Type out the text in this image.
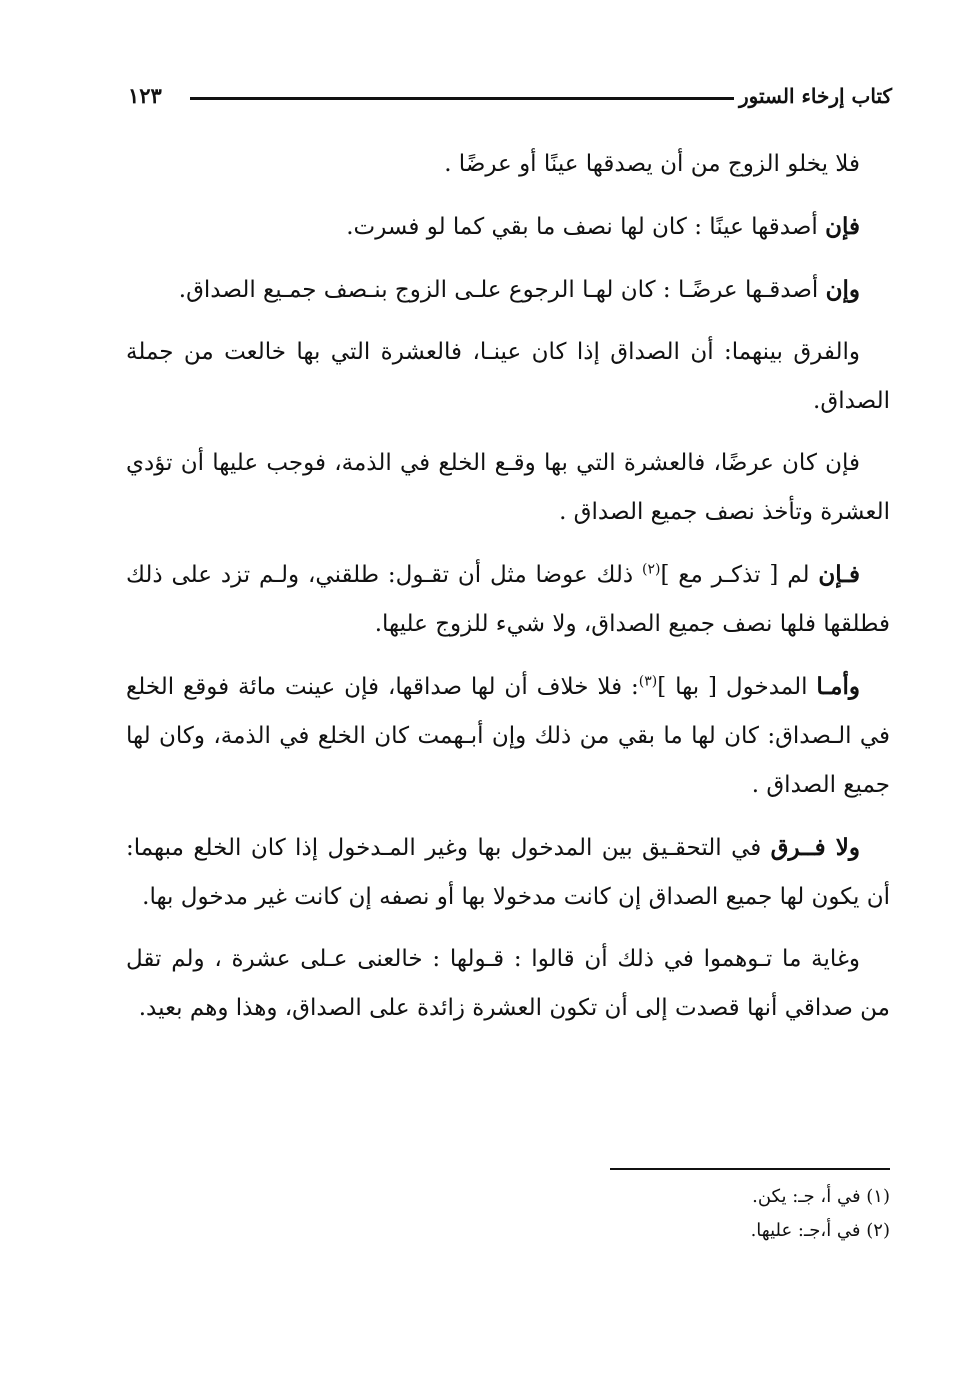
كتاب إرخاء الستور
١٢٣

فلا يخلو الزوج من أن يصدقها عينًا أو عرضًا .

فإن أصدقها عينًا : كان لها نصف ما بقي كما لو فسرت.

وإن أصدقـها عرضًـا : كان لهـا الرجوع علـى الزوج بنـصف جمـيع الصداق.

والفرق بينهما: أن الصداق إذا كان عينـا، فالعشرة التي بها خالعت من جملة الصداق.

فإن كان عرضًا، فالعشرة التي بها وقـع الخلع في الذمة، فوجب عليها أن تؤدي العشرة وتأخذ نصف جميع الصداق .

فـإن لم [ تذكـر مع ]$^{(٢)}$ ذلك عوضا مثل أن تقـول: طلقني، ولـم تزد على ذلك فطلقها فلها نصف جميع الصداق، ولا شيء للزوج عليها.

وأمـا المدخول [ بها ]$^{(٣)}$: فلا خلاف أن لها صداقها، فإن عينت مائة فوقع الخلع في الـصداق: كان لها ما بقي من ذلك وإن أبـهمت كان الخلع في الذمة، وكان لها جميع الصداق .

ولا فــرق في التحقـيق بين المدخول بها وغير المـدخول إذا كان الخلع مبهما: أن يكون لها جميع الصداق إن كانت مدخولا بها أو نصفه إن كانت غير مدخول بها.

وغاية ما تـوهموا في ذلك أن قالوا : قـولها : خالعنى عـلى عشرة ، ولم تقل من صداقي أنها قصدت إلى أن تكون العشرة زائدة على الصداق، وهذا وهم بعيد.

(١) في أ، جـ: يكن.

(٢) في أ،جـ: عليها.
